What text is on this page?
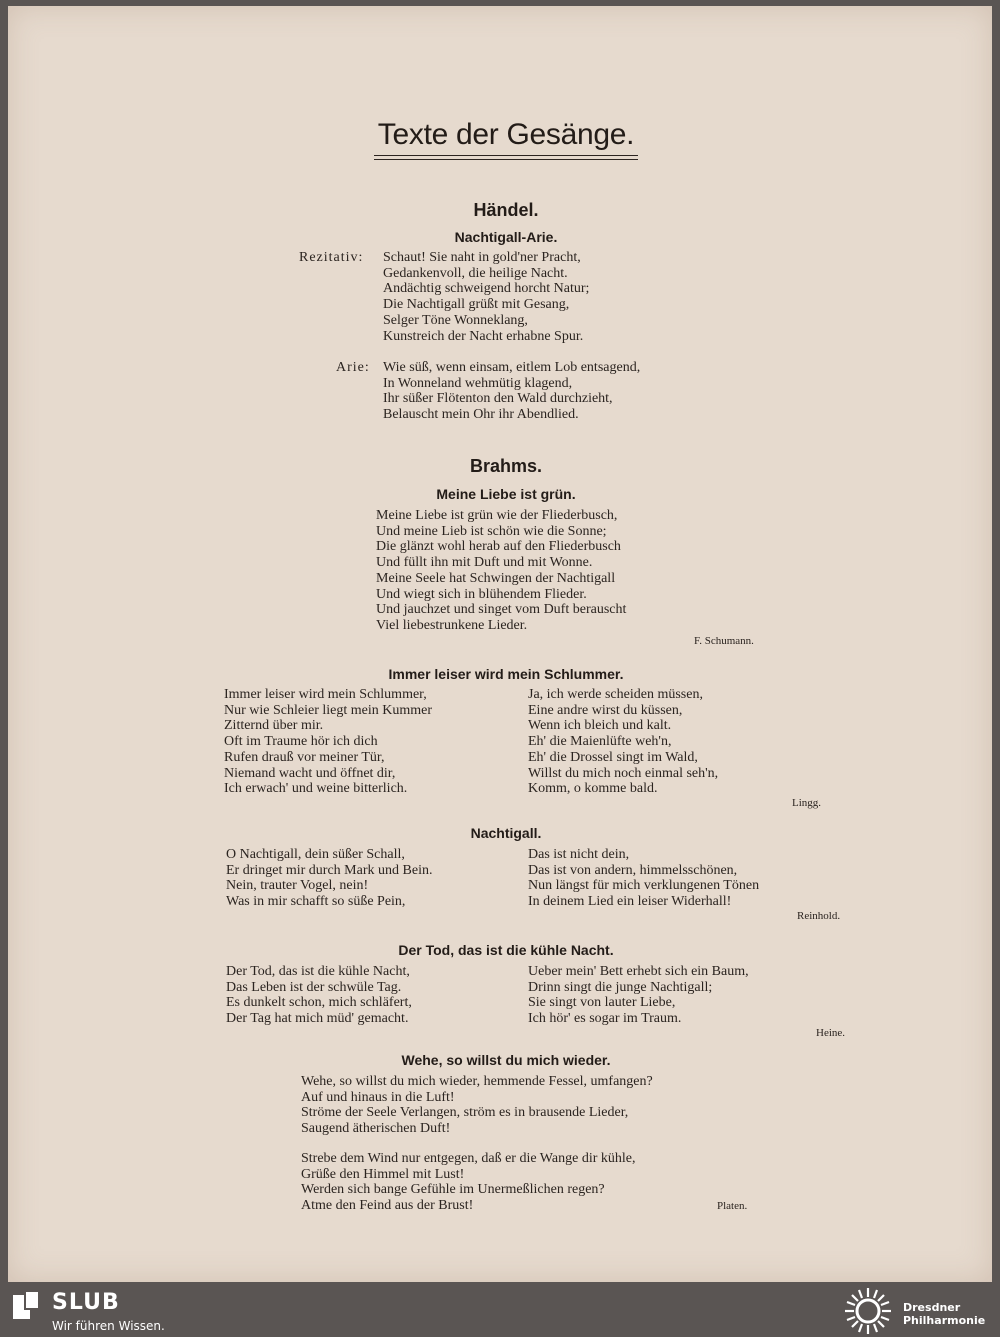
Texte der Gesänge.
Händel.
Nachtigall-Arie.
Rezitativ: Schaut! Sie naht in gold'ner Pracht,
Gedankenvoll, die heilige Nacht.
Andächtig schweigend horcht Natur;
Die Nachtigall grüßt mit Gesang,
Selger Töne Wonneklang,
Kunstreich der Nacht erhabne Spur.
Arie: Wie süß, wenn einsam, eitlem Lob entsagend,
In Wonneland wehmütig klagend,
Ihr süßer Flötenton den Wald durchzieht,
Belauscht mein Ohr ihr Abendlied.
Brahms.
Meine Liebe ist grün.
Meine Liebe ist grün wie der Fliederbusch,
Und meine Lieb ist schön wie die Sonne;
Die glänzt wohl herab auf den Fliederbusch
Und füllt ihn mit Duft und mit Wonne.
Meine Seele hat Schwingen der Nachtigall
Und wiegt sich in blühendem Flieder.
Und jauchzet und singet vom Duft berauscht
Viel liebestrunkene Lieder.
F. Schumann.
Immer leiser wird mein Schlummer.
Immer leiser wird mein Schlummer,
Nur wie Schleier liegt mein Kummer
Zitternd über mir.
Oft im Traume hör ich dich
Rufen drauß vor meiner Tür,
Niemand wacht und öffnet dir,
Ich erwach' und weine bitterlich.
Ja, ich werde scheiden müssen,
Eine andre wirst du küssen,
Wenn ich bleich und kalt.
Eh' die Maienlüfte weh'n,
Eh' die Drossel singt im Wald,
Willst du mich noch einmal seh'n,
Komm, o komme bald.
Lingg.
Nachtigall.
O Nachtigall, dein süßer Schall,
Er dringet mir durch Mark und Bein.
Nein, trauter Vogel, nein!
Was in mir schafft so süße Pein,
Das ist nicht dein,
Das ist von andern, himmelsschönen,
Nun längst für mich verklungenen Tönen
In deinem Lied ein leiser Widerhall!
Reinhold.
Der Tod, das ist die kühle Nacht.
Der Tod, das ist die kühle Nacht,
Das Leben ist der schwüle Tag.
Es dunkelt schon, mich schläfert,
Der Tag hat mich müd' gemacht.
Ueber mein' Bett erhebt sich ein Baum,
Drinn singt die junge Nachtigall;
Sie singt von lauter Liebe,
Ich hör' es sogar im Traum.
Heine.
Wehe, so willst du mich wieder.
Wehe, so willst du mich wieder, hemmende Fessel, umfangen?
Auf und hinaus in die Luft!
Ströme der Seele Verlangen, ström es in brausende Lieder,
Saugend ätherischen Duft!
Strebe dem Wind nur entgegen, daß er die Wange dir kühle,
Grüße den Himmel mit Lust!
Werden sich bange Gefühle im Unermeßlichen regen?
Atme den Feind aus der Brust!	Platen.
SLUB
Wir führen Wissen.
Dresdner
Philharmonie
